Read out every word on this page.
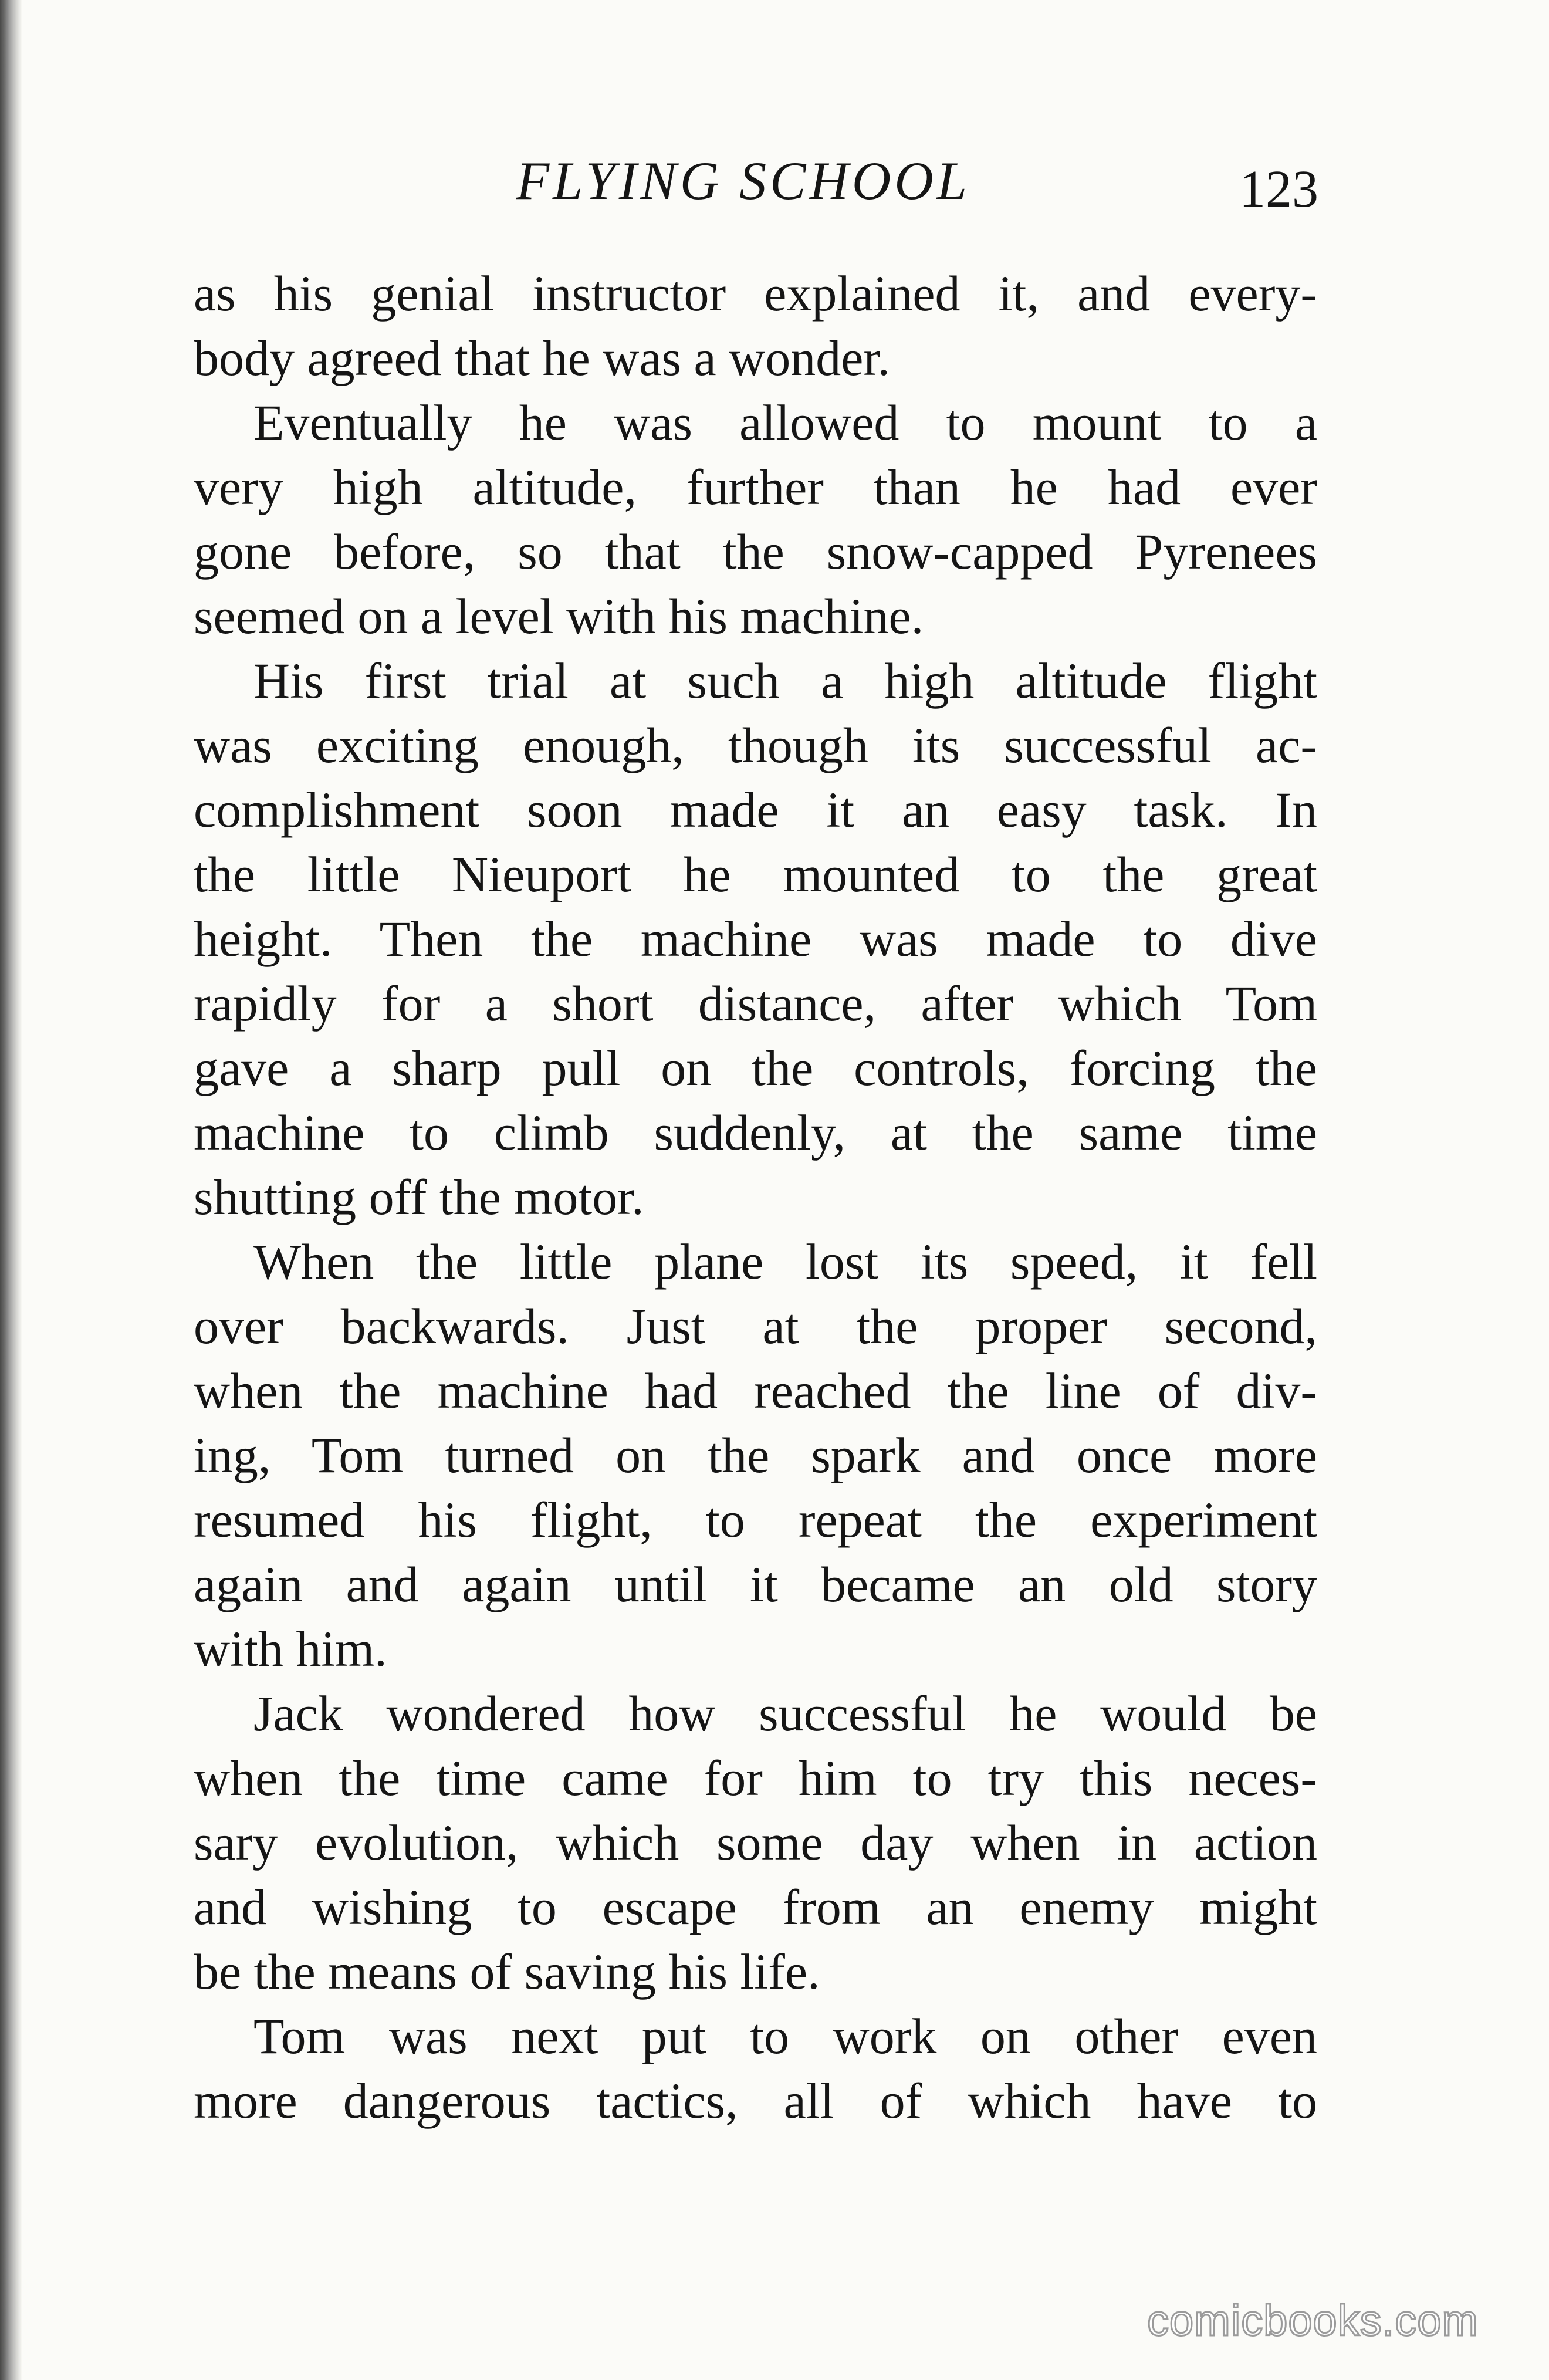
FLYING SCHOOL	123
as his genial instructor explained it, and every-
body agreed that he was a wonder.
Eventually he was allowed to mount to a
very high altitude, further than he had ever
gone before, so that the snow-capped Pyrenees
seemed on a level with his machine.
His first trial at such a high altitude flight
was exciting enough, though its successful ac-
complishment soon made it an easy task. In
the little Nieuport he mounted to the great
height. Then the machine was made to dive
rapidly for a short distance, after which Tom
gave a sharp pull on the controls, forcing the
machine to climb suddenly, at the same time
shutting off the motor.
When the little plane lost its speed, it fell
over backwards. Just at the proper second,
when the machine had reached the line of div-
ing, Tom turned on the spark and once more
resumed his flight, to repeat the experiment
again and again until it became an old story
with him.
Jack wondered how successful he would be
when the time came for him to try this neces-
sary evolution, which some day when in action
and wishing to escape from an enemy might
be the means of saving his life.
Tom was next put to work on other even
more dangerous tactics, all of which have to
comicbooks.com
